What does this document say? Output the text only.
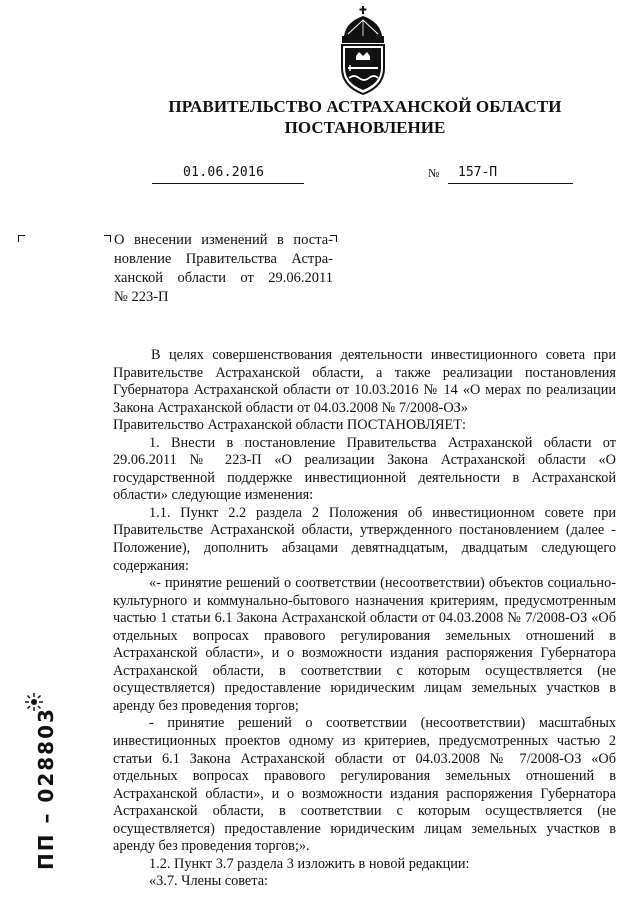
ПРАВИТЕЛЬСТВО АСТРАХАНСКОЙ ОБЛАСТИ
ПОСТАНОВЛЕНИЕ
01.06.2016	№ 157-П
О внесении изменений в поста-
новление Правительства Астра-
ханской области от 29.06.2011
№ 223-П

В целях совершенствования деятельности инвестиционного совета при Правительстве Астраханской области, а также реализации постановления Губернатора Астраханской области от 10.03.2016 № 14 «О мерах по реализации Закона Астраханской области от 04.03.2008 № 7/2008-ОЗ»

Правительство Астраханской области ПОСТАНОВЛЯЕТ:

1. Внести в постановление Правительства Астраханской области от 29.06.2011 № 223-П «О реализации Закона Астраханской области «О государственной поддержке инвестиционной деятельности в Астраханской области» следующие изменения:

1.1. Пункт 2.2 раздела 2 Положения об инвестиционном совете при Правительстве Астраханской области, утвержденного постановлением (далее - Положение), дополнить абзацами девятнадцатым, двадцатым следующего содержания:

«- принятие решений о соответствии (несоответствии) объектов социально-культурного и коммунально-бытового назначения критериям, предусмотренным частью 1 статьи 6.1 Закона Астраханской области от 04.03.2008 № 7/2008-ОЗ «Об отдельных вопросах правового регулирования земельных отношений в Астраханской области», и о возможности издания распоряжения Губернатора Астраханской области, в соответствии с которым осуществляется (не осуществляется) предоставление юридическим лицам земельных участков в аренду без проведения торгов;

- принятие решений о соответствии (несоответствии) масштабных инвестиционных проектов одному из критериев, предусмотренных частью 2 статьи 6.1 Закона Астраханской области от 04.03.2008 № 7/2008-ОЗ «Об отдельных вопросах правового регулирования земельных отношений в Астраханской области», и о возможности издания распоряжения Губернатора Астраханской области, в соответствии с которым осуществляется (не осуществляется) предоставление юридическим лицам земельных участков в аренду без проведения торгов;».

1.2. Пункт 3.7 раздела 3 изложить в новой редакции:

«3.7. Члены совета:

ПП – 028803
